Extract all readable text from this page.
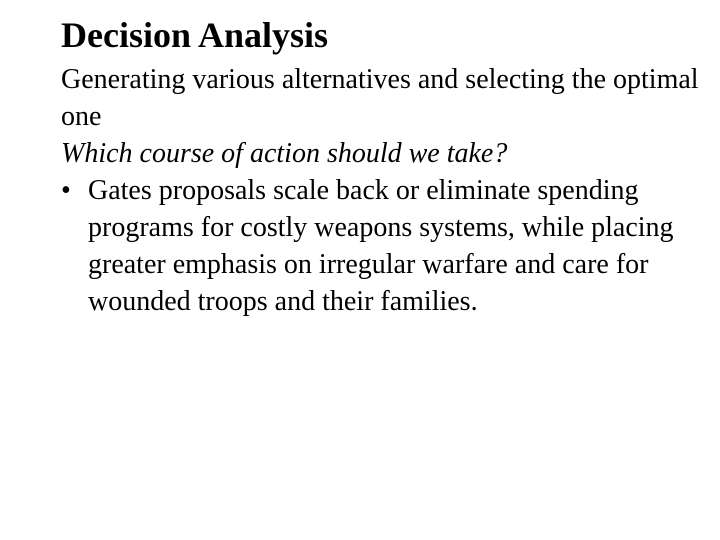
Decision Analysis

Generating various alternatives and selecting the optimal one

Which course of action should we take?

• Gates proposals scale back or eliminate spending programs for costly weapons systems, while placing greater emphasis on irregular warfare and care for wounded troops and their families.
